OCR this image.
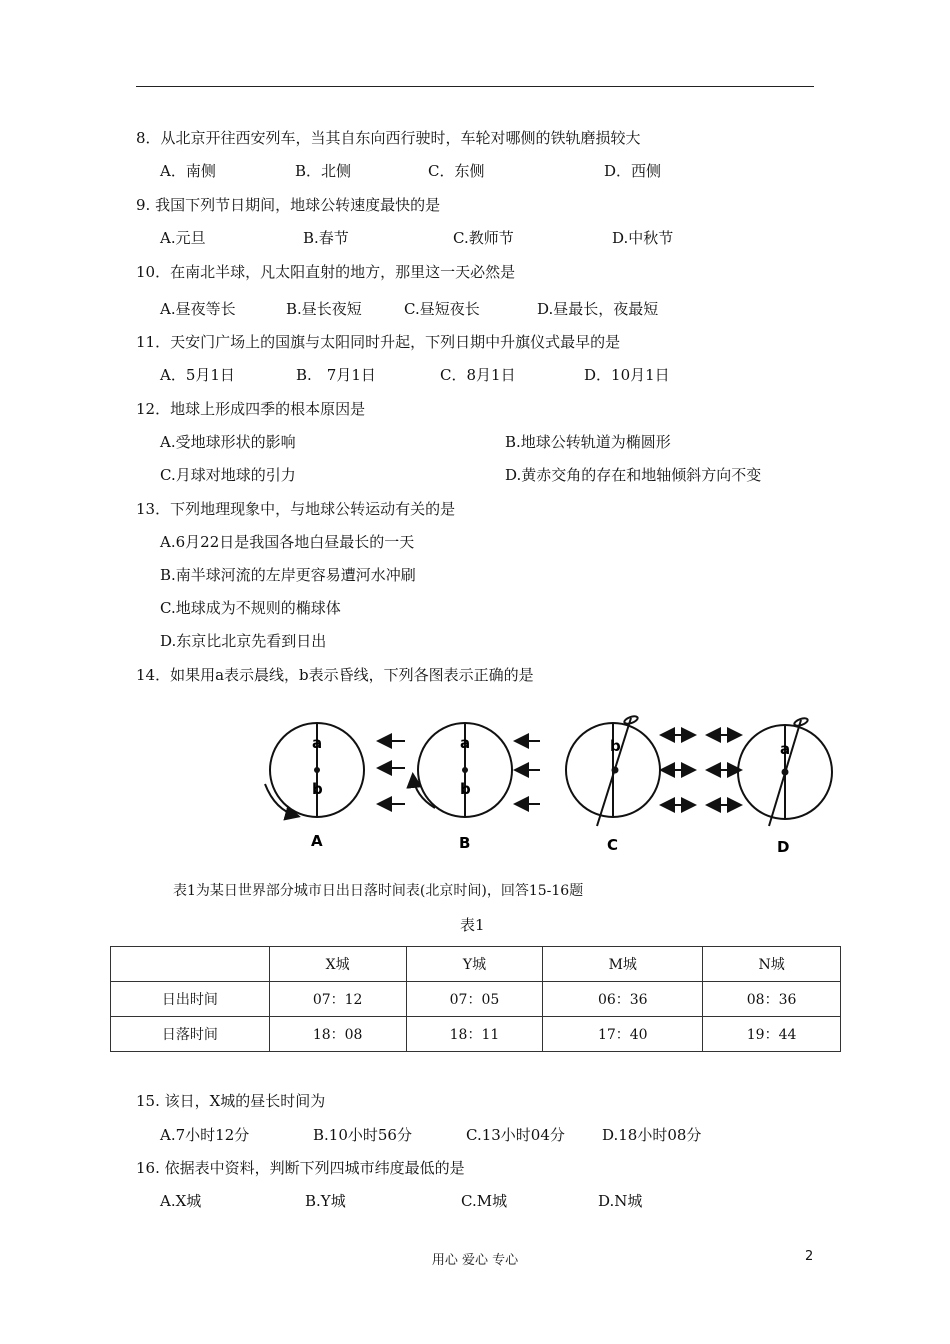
8．从北京开往西安列车，当其自东向西行驶时，车轮对哪侧的铁轨磨损较大
A．南侧	B．北侧	C．东侧	D．西侧
9. 我国下列节日期间，地球公转速度最快的是
A.元旦	B.春节	C.教师节	D.中秋节
10．在南北半球，凡太阳直射的地方，那里这一天必然是
A.昼夜等长	B.昼长夜短	C.昼短夜长	D.昼最长，夜最短
11．天安门广场上的国旗与太阳同时升起，下列日期中升旗仪式最早的是
A．5月1日	B.　7月1日	C．8月1日	D．10月1日
12．地球上形成四季的根本原因是
A.受地球形状的影响	B.地球公转轨道为椭圆形
C.月球对地球的引力	D.黄赤交角的存在和地轴倾斜方向不变
13．下列地理现象中，与地球公转运动有关的是
A.6月22日是我国各地白昼最长的一天
B.南半球河流的左岸更容易遭河水冲刷
C.地球成为不规则的椭球体
D.东京比北京先看到日出
14．如果用a表示晨线，b表示昏线，下列各图表示正确的是
a
b
a
b
b	a
A	B	C	D
表1为某日世界部分城市日出日落时间表(北京时间)，回答15-16题
表1
	X城	Y城	M城	N城
日出时间	07：12	07：05	06：36	08：36
日落时间	18：08	18：11	17：40	19：44
15. 该日，X城的昼长时间为
A.7小时12分	B.10小时56分	C.13小时04分 D.18小时08分
16. 依据表中资料，判断下列四城市纬度最低的是
A.X城	B.Y城	C.M城	D.N城
用心 爱心 专心	2
